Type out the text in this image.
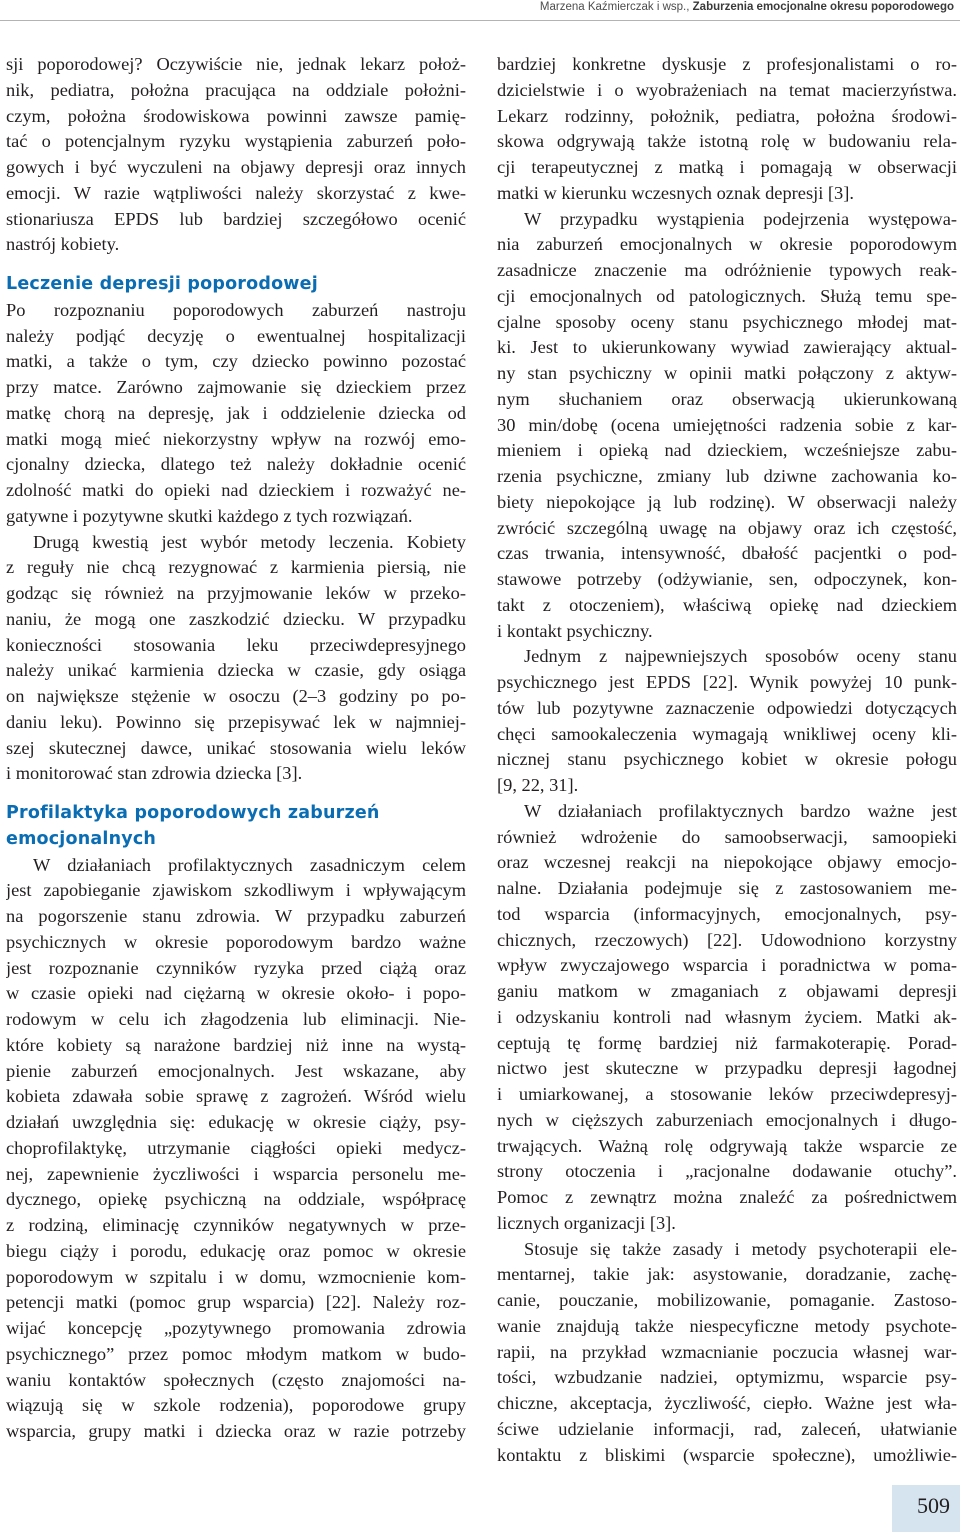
Marzena Kaźmierczak i wsp., Zaburzenia emocjonalne okresu poporodowego
sji poporodowej? Oczywiście nie, jednak lekarz położ-
nik, pediatra, położna pracująca na oddziale położni-
czym, położna środowiskowa powinni zawsze pamię-
tać o potencjalnym ryzyku wystąpienia zaburzeń poło-
gowych i być wyczuleni na objawy depresji oraz innych
emocji. W razie wątpliwości należy skorzystać z kwe-
stionariusza EPDS lub bardziej szczegółowo ocenić
nastrój kobiety.
Leczenie depresji poporodowej
Po rozpoznaniu poporodowych zaburzeń nastroju
należy podjąć decyzję o ewentualnej hospitalizacji
matki, a także o tym, czy dziecko powinno pozostać
przy matce. Zarówno zajmowanie się dzieckiem przez
matkę chorą na depresję, jak i oddzielenie dziecka od
matki mogą mieć niekorzystny wpływ na rozwój emo-
cjonalny dziecka, dlatego też należy dokładnie ocenić
zdolność matki do opieki nad dzieckiem i rozważyć ne-
gatywne i pozytywne skutki każdego z tych rozwiązań.
Drugą kwestią jest wybór metody leczenia. Kobiety
z reguły nie chcą rezygnować z karmienia piersią, nie
godząc się również na przyjmowanie leków w przeko-
naniu, że mogą one zaszkodzić dziecku. W przypadku
konieczności stosowania leku przeciwdepresyjnego
należy unikać karmienia dziecka w czasie, gdy osiąga
on największe stężenie w osoczu (2–3 godziny po po-
daniu leku). Powinno się przepisywać lek w najmniej-
szej skutecznej dawce, unikać stosowania wielu leków
i monitorować stan zdrowia dziecka [3].
Profilaktyka poporodowych zaburzeń
emocjonalnych
W działaniach profilaktycznych zasadniczym celem
jest zapobieganie zjawiskom szkodliwym i wpływającym
na pogorszenie stanu zdrowia. W przypadku zaburzeń
psychicznych w okresie poporodowym bardzo ważne
jest rozpoznanie czynników ryzyka przed ciążą oraz
w czasie opieki nad ciężarną w okresie około- i popo-
rodowym w celu ich złagodzenia lub eliminacji. Nie-
które kobiety są narażone bardziej niż inne na wystą-
pienie zaburzeń emocjonalnych. Jest wskazane, aby
kobieta zdawała sobie sprawę z zagrożeń. Wśród wielu
działań uwzględnia się: edukację w okresie ciąży, psy-
choprofilaktykę, utrzymanie ciągłości opieki medycz-
nej, zapewnienie życzliwości i wsparcia personelu me-
dycznego, opiekę psychiczną na oddziale, współpracę
z rodziną, eliminację czynników negatywnych w prze-
biegu ciąży i porodu, edukację oraz pomoc w okresie
poporodowym w szpitalu i w domu, wzmocnienie kom-
petencji matki (pomoc grup wsparcia) [22]. Należy roz-
wijać koncepcję „pozytywnego promowania zdrowia
psychicznego” przez pomoc młodym matkom w budo-
waniu kontaktów społecznych (często znajomości na-
wiązują się w szkole rodzenia), poporodowe grupy
wsparcia, grupy matki i dziecka oraz w razie potrzeby
bardziej konkretne dyskusje z profesjonalistami o ro-
dzicielstwie i o wyobrażeniach na temat macierzyństwa.
Lekarz rodzinny, położnik, pediatra, położna środowi-
skowa odgrywają także istotną rolę w budowaniu rela-
cji terapeutycznej z matką i pomagają w obserwacji
matki w kierunku wczesnych oznak depresji [3].
W przypadku wystąpienia podejrzenia występowa-
nia zaburzeń emocjonalnych w okresie poporodowym
zasadnicze znaczenie ma odróżnienie typowych reak-
cji emocjonalnych od patologicznych. Służą temu spe-
cjalne sposoby oceny stanu psychicznego młodej mat-
ki. Jest to ukierunkowany wywiad zawierający aktual-
ny stan psychiczny w opinii matki połączony z aktyw-
nym słuchaniem oraz obserwacją ukierunkowaną
30 min/dobę (ocena umiejętności radzenia sobie z kar-
mieniem i opieką nad dzieckiem, wcześniejsze zabu-
rzenia psychiczne, zmiany lub dziwne zachowania ko-
biety niepokojące ją lub rodzinę). W obserwacji należy
zwrócić szczególną uwagę na objawy oraz ich częstość,
czas trwania, intensywność, dbałość pacjentki o pod-
stawowe potrzeby (odżywianie, sen, odpoczynek, kon-
takt z otoczeniem), właściwą opiekę nad dzieckiem
i kontakt psychiczny.
Jednym z najpewniejszych sposobów oceny stanu
psychicznego jest EPDS [22]. Wynik powyżej 10 punk-
tów lub pozytywne zaznaczenie odpowiedzi dotyczących
chęci samookaleczenia wymagają wnikliwej oceny kli-
nicznej stanu psychicznego kobiet w okresie połogu
[9, 22, 31].
W działaniach profilaktycznych bardzo ważne jest
również wdrożenie do samoobserwacji, samoopieki
oraz wczesnej reakcji na niepokojące objawy emocjo-
nalne. Działania podejmuje się z zastosowaniem me-
tod wsparcia (informacyjnych, emocjonalnych, psy-
chicznych, rzeczowych) [22]. Udowodniono korzystny
wpływ zwyczajowego wsparcia i poradnictwa w poma-
ganiu matkom w zmaganiach z objawami depresji
i odzyskaniu kontroli nad własnym życiem. Matki ak-
ceptują tę formę bardziej niż farmakoterapię. Porad-
nictwo jest skuteczne w przypadku depresji łagodnej
i umiarkowanej, a stosowanie leków przeciwdepresyj-
nych w cięższych zaburzeniach emocjonalnych i długo-
trwających. Ważną rolę odgrywają także wsparcie ze
strony otoczenia i „racjonalne dodawanie otuchy”.
Pomoc z zewnątrz można znaleźć za pośrednictwem
licznych organizacji [3].
Stosuje się także zasady i metody psychoterapii ele-
mentarnej, takie jak: asystowanie, doradzanie, zachę-
canie, pouczanie, mobilizowanie, pomaganie. Zastoso-
wanie znajdują także niespecyficzne metody psychote-
rapii, na przykład wzmacnianie poczucia własnej war-
tości, wzbudzanie nadziei, optymizmu, wsparcie psy-
chiczne, akceptacja, życzliwość, ciepło. Ważne jest wła-
ściwe udzielanie informacji, rad, zaleceń, ułatwianie
kontaktu z bliskimi (wsparcie społeczne), umożliwie-
509
